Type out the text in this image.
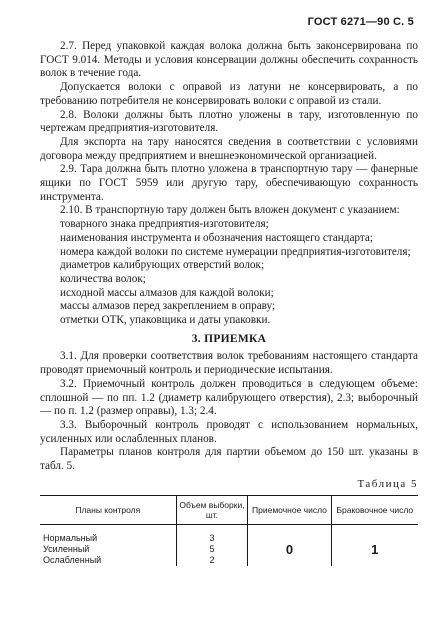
ГОСТ 6271—90 С. 5

2.7. Перед упаковкой каждая волока должна быть законсервирована по ГОСТ 9.014. Методы и условия консервации должны обеспечить сохранность волок в течение года.

Допускается волоки с оправой из латуни не консервировать, а по требованию потребителя не консервировать волоки с оправой из стали.

2.8. Волоки должны быть плотно уложены в тару, изготовленную по чертежам предприятия-изготовителя.

Для экспорта на тару наносятся сведения в соответствии с условиями договора между предприятием и внешнеэкономической организацией.

2.9. Тара должна быть плотно уложена в транспортную тару — фанерные ящики по ГОСТ 5959 или другую тару, обеспечивающую сохранность инструмента.

2.10. В транспортную тару должен быть вложен документ с указанием:

товарного знака предприятия-изготовителя;

наименования инструмента и обозначения настоящего стандарта;

номера каждой волоки по системе нумерации предприятия-изготовителя;

диаметров калибрующих отверстий волок;

количества волок;

исходной массы алмазов для каждой волоки;

массы алмазов перед закреплением в оправу;

отметки ОТК, упаковщика и даты упаковки.

3. ПРИЕМКА

3.1. Для проверки соответствия волок требованиям настоящего стандарта проводят приемочный контроль и периодические испытания.

3.2. Приемочный контроль должен проводиться в следующем объеме: сплошной — по пп. 1.2 (диаметр калибрующего отверстия), 2.3; выборочный — по п. 1.2 (размер оправы), 1.3; 2.4.

3.3. Выборочный контроль проводят с использованием нормальных, усиленных или ослабленных планов.

Параметры планов контроля для партии объемом до 150 шт. указаны в табл. 5.

Таблица 5
Планы контроля	Объем выборки, шт.	Приемочное число	Браковочное число

Нормальный	3	0	1
Усиленный	5		
Ослабленный	2		
